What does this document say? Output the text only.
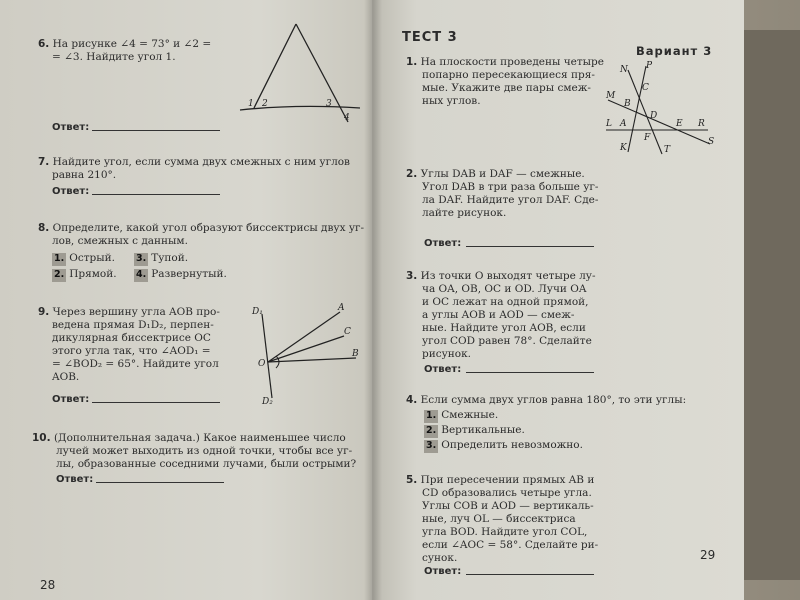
6. На рисунке ∠4 = 73° и ∠2 =
= ∠3. Найдите угол 1.
1 2	3
4
Ответ:
7. Найдите угол, если сумма двух смежных с ним углов
равна 210°.
Ответ:
8. Определите, какой угол образуют биссектрисы двух уг-
лов, смежных с данным.
1. Острый. 3. Тупой.
2. Прямой. 4. Развернутый.
9. Через вершину угла AOB про-
ведена прямая D₁D₂, перпен-
дикулярная биссектрисе OC
этого угла так, что ∠AOD₁ =
= ∠BOD₂ = 65°. Найдите угол
AOB.
D₁
D₂
O
A
C
B
Ответ:
10. (Дополнительная задача.) Какое наименьшее число
лучей может выходить из одной точки, чтобы все уг-
лы, образованные соседними лучами, были острыми?
Ответ:
28
ТЕСТ 3
Вариант 3
1. На плоскости проведены четыре
попарно пересекающиеся пря-
мые. Укажите две пары смеж-
ных углов.
N P
M
C
B
L A
D
E R
F
K	T
S
2. Углы DAB и DAF — смежные.
Угол DAB в три раза больше уг-
ла DAF. Найдите угол DAF. Сде-
лайте рисунок.
Ответ:
3. Из точки O выходят четыре лу-
ча OA, OB, OC и OD. Лучи OA
и OC лежат на одной прямой,
а углы AOB и AOD — смеж-
ные. Найдите угол AOB, если
угол COD равен 78°. Сделайте
рисунок.
Ответ:
4. Если сумма двух углов равна 180°, то эти углы:
1. Смежные.
2. Вертикальные.
3. Определить невозможно.
5. При пересечении прямых AB и
CD образовались четыре угла.
Углы COB и AOD — вертикаль-
ные, луч OL — биссектриса
угла BOD. Найдите угол COL,
если ∠AOC = 58°. Сделайте ри-
сунок.
Ответ:
29
